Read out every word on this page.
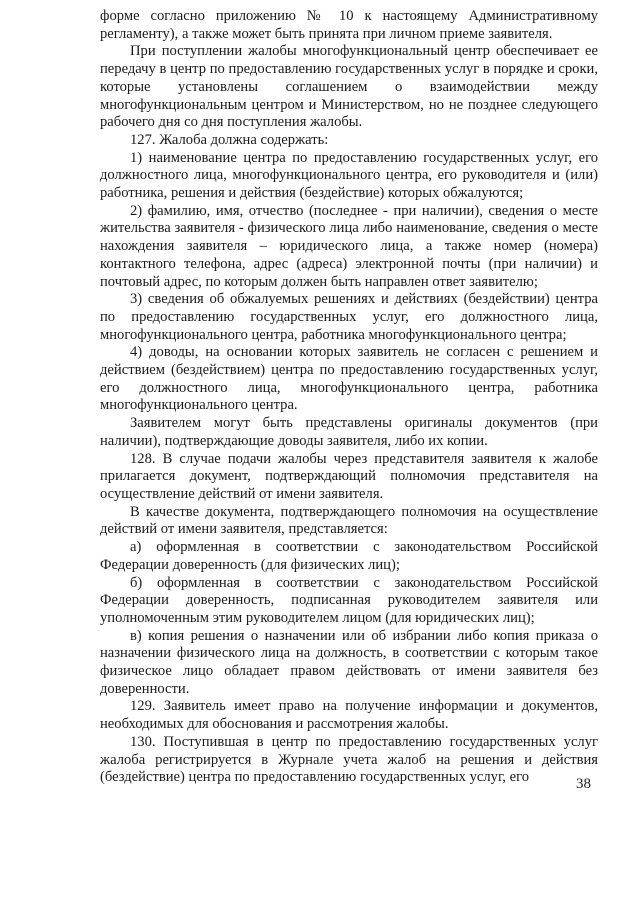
форме согласно приложению № 10 к настоящему Административному регламенту), а также может быть принята при личном приеме заявителя.

При поступлении жалобы многофункциональный центр обеспечивает ее передачу в центр по предоставлению государственных услуг в порядке и сроки, которые установлены соглашением о взаимодействии между многофункциональным центром и Министерством, но не позднее следующего рабочего дня со дня поступления жалобы.

127. Жалоба должна содержать:

1) наименование центра по предоставлению государственных услуг, его должностного лица, многофункционального центра, его руководителя и (или) работника, решения и действия (бездействие) которых обжалуются;

2) фамилию, имя, отчество (последнее - при наличии), сведения о месте жительства заявителя - физического лица либо наименование, сведения о месте нахождения заявителя – юридического лица, а также номер (номера) контактного телефона, адрес (адреса) электронной почты (при наличии) и почтовый адрес, по которым должен быть направлен ответ заявителю;

3) сведения об обжалуемых решениях и действиях (бездействии) центра по предоставлению государственных услуг, его должностного лица, многофункционального центра, работника многофункционального центра;

4) доводы, на основании которых заявитель не согласен с решением и действием (бездействием) центра по предоставлению государственных услуг, его должностного лица, многофункционального центра, работника многофункционального центра.

Заявителем могут быть представлены оригиналы документов (при наличии), подтверждающие доводы заявителя, либо их копии.

128. В случае подачи жалобы через представителя заявителя к жалобе прилагается документ, подтверждающий полномочия представителя на осуществление действий от имени заявителя.

В качестве документа, подтверждающего полномочия на осуществление действий от имени заявителя, представляется:

а) оформленная в соответствии с законодательством Российской Федерации доверенность (для физических лиц);

б) оформленная в соответствии с законодательством Российской Федерации доверенность, подписанная руководителем заявителя или уполномоченным этим руководителем лицом (для юридических лиц);

в) копия решения о назначении или об избрании либо копия приказа о назначении физического лица на должность, в соответствии с которым такое физическое лицо обладает правом действовать от имени заявителя без доверенности.

129. Заявитель имеет право на получение информации и документов, необходимых для обоснования и рассмотрения жалобы.

130. Поступившая в центр по предоставлению государственных услуг жалоба регистрируется в Журнале учета жалоб на решения и действия (бездействие) центра по предоставлению государственных услуг, его	38
